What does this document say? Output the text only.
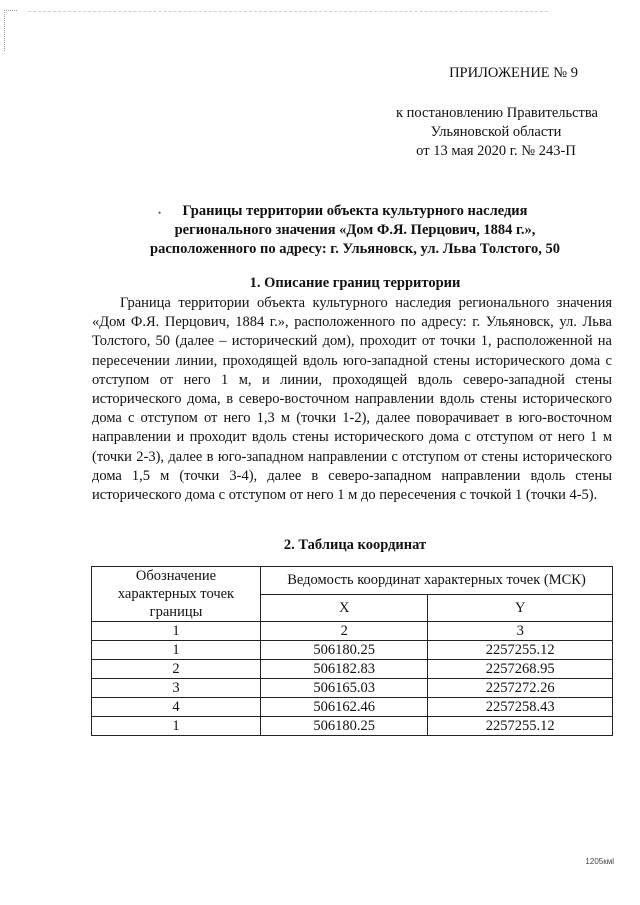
ПРИЛОЖЕНИЕ № 9
к постановлению Правительства
Ульяновской области
от 13 мая 2020 г. № 243-П
•	Границы территории объекта культурного наследия
регионального значения «Дом Ф.Я. Перцович, 1884 г.»,
расположенного по адресу: г. Ульяновск, ул. Льва Толстого, 50
1. Описание границ территории
Граница территории объекта культурного наследия регионального значения «Дом Ф.Я. Перцович, 1884 г.», расположенного по адресу: г. Ульяновск, ул. Льва Толстого, 50 (далее – исторический дом), проходит от точки 1, расположенной на пересечении линии, проходящей вдоль юго-западной стены исторического дома с отступом от него 1 м, и линии, проходящей вдоль северо-западной стены исторического дома, в северо-восточном направлении вдоль стены исторического дома с отступом от него 1,3 м (точки 1-2), далее поворачивает в юго-восточном направлении и проходит вдоль стены исторического дома с отступом от него 1 м (точки 2-3), далее в юго-западном направлении с отступом от стены исторического дома 1,5 м (точки 3-4), далее в северо-западном направлении вдоль стены исторического дома с отступом от него 1 м до пересечения с точкой 1 (точки 4-5).
2. Таблица координат
Обозначение характерных точек границы	Ведомость координат характерных точек (МСК)	
	X	Y
1	2	3
1	506180.25	2257255.12
2	506182.83	2257268.95
3	506165.03	2257272.26
4	506162.46	2257258.43
1	506180.25	2257255.12
1205кмl
